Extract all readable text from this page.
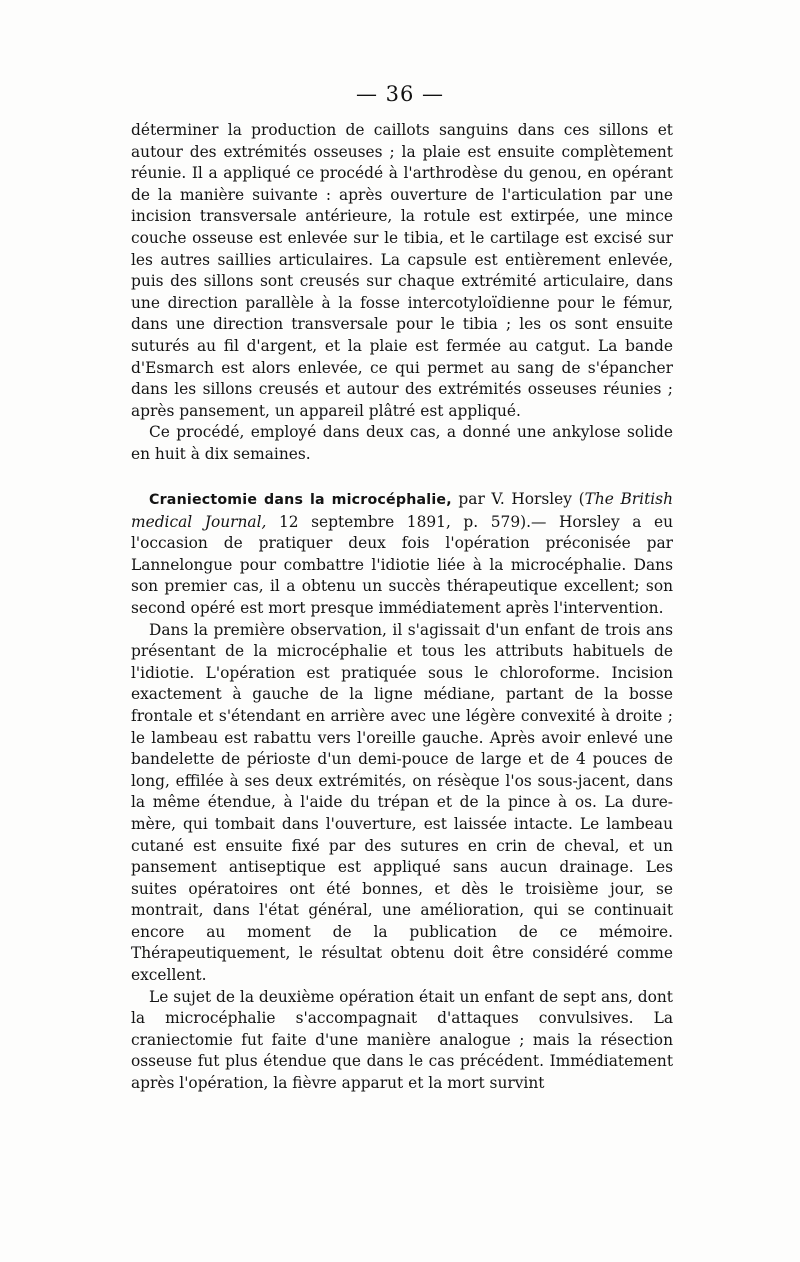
— 36 —

déterminer la production de caillots sanguins dans ces sillons et autour des extrémités osseuses ; la plaie est ensuite complètement réunie. Il a appliqué ce procédé à l'arthrodèse du genou, en opérant de la manière suivante : après ouverture de l'articulation par une incision transversale antérieure, la rotule est extirpée, une mince couche osseuse est enlevée sur le tibia, et le cartilage est excisé sur les autres saillies articulaires. La capsule est entièrement enlevée, puis des sillons sont creusés sur chaque extrémité articulaire, dans une direction parallèle à la fosse intercotyloïdienne pour le fémur, dans une direction transversale pour le tibia ; les os sont ensuite suturés au fil d'argent, et la plaie est fermée au catgut. La bande d'Esmarch est alors enlevée, ce qui permet au sang de s'épancher dans les sillons creusés et autour des extrémités osseuses réunies ; après pansement, un appareil plâtré est appliqué.

Ce procédé, employé dans deux cas, a donné une ankylose solide en huit à dix semaines.

Craniectomie dans la microcéphalie, par V. Horsley (The British medical Journal, 12 septembre 1891, p. 579).— Horsley a eu l'occasion de pratiquer deux fois l'opération préconisée par Lannelongue pour combattre l'idiotie liée à la microcéphalie. Dans son premier cas, il a obtenu un succès thérapeutique excellent; son second opéré est mort presque immédiatement après l'intervention.

Dans la première observation, il s'agissait d'un enfant de trois ans présentant de la microcéphalie et tous les attributs habituels de l'idiotie. L'opération est pratiquée sous le chloroforme. Incision exactement à gauche de la ligne médiane, partant de la bosse frontale et s'étendant en arrière avec une légère convexité à droite ; le lambeau est rabattu vers l'oreille gauche. Après avoir enlevé une bandelette de périoste d'un demi-pouce de large et de 4 pouces de long, effilée à ses deux extrémités, on résèque l'os sous-jacent, dans la même étendue, à l'aide du trépan et de la pince à os. La dure-mère, qui tombait dans l'ouverture, est laissée intacte. Le lambeau cutané est ensuite fixé par des sutures en crin de cheval, et un pansement antiseptique est appliqué sans aucun drainage. Les suites opératoires ont été bonnes, et dès le troisième jour, se montrait, dans l'état général, une amélioration, qui se continuait encore au moment de la publication de ce mémoire. Thérapeutiquement, le résultat obtenu doit être considéré comme excellent.

Le sujet de la deuxième opération était un enfant de sept ans, dont la microcéphalie s'accompagnait d'attaques convulsives. La craniectomie fut faite d'une manière analogue ; mais la résection osseuse fut plus étendue que dans le cas précédent. Immédiatement après l'opération, la fièvre apparut et la mort survint
